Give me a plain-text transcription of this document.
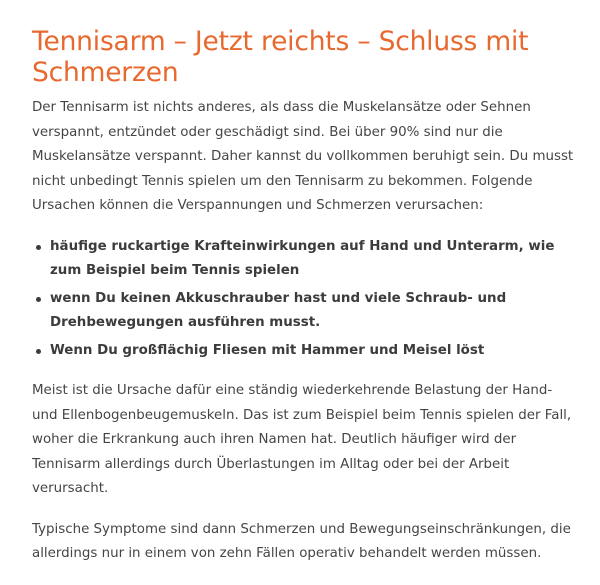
Tennisarm – Jetzt reichts – Schluss mit Schmerzen

Der Tennisarm ist nichts anderes, als dass die Muskelansätze oder Sehnen verspannt, entzündet oder geschädigt sind. Bei über 90% sind nur die Muskelansätze verspannt. Daher kannst du vollkommen beruhigt sein. Du musst nicht unbedingt Tennis spielen um den Tennisarm zu bekommen. Folgende Ursachen können die Verspannungen und Schmerzen verursachen:

häufige ruckartige Krafteinwirkungen auf Hand und Unterarm, wie zum Beispiel beim Tennis spielen
wenn Du keinen Akkuschrauber hast und viele Schraub- und Drehbewegungen ausführen musst.
Wenn Du großflächig Fliesen mit Hammer und Meisel löst

Meist ist die Ursache dafür eine ständig wiederkehrende Belastung der Hand- und Ellenbogenbeugemuskeln. Das ist zum Beispiel beim Tennis spielen der Fall, woher die Erkrankung auch ihren Namen hat. Deutlich häufiger wird der Tennisarm allerdings durch Überlastungen im Alltag oder bei der Arbeit verursacht.

Typische Symptome sind dann Schmerzen und Bewegungseinschränkungen, die allerdings nur in einem von zehn Fällen operativ behandelt werden müssen.
